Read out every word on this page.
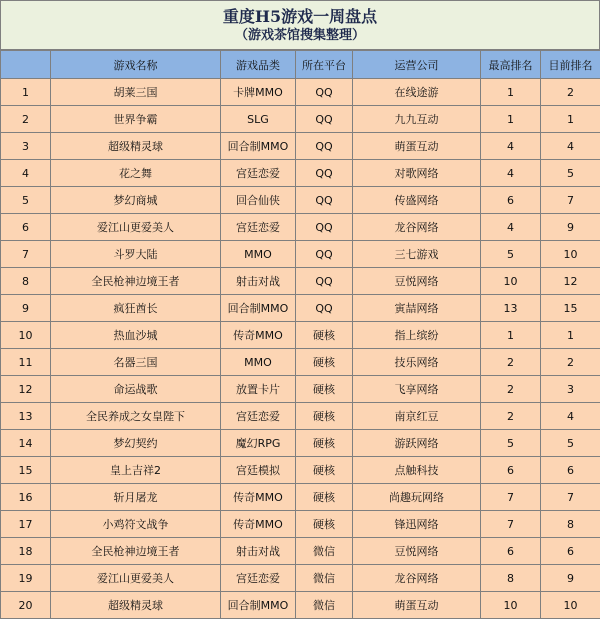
重度H5游戏一周盘点
（游戏茶馆搜集整理）
	游戏名称	游戏品类	所在平台	运营公司	最高排名	目前排名
1	胡莱三国	卡牌MMO	QQ	在线途游	1	2
2	世界争霸	SLG	QQ	九九互动	1	1
3	超级精灵球	回合制MMO	QQ	萌蛋互动	4	4
4	花之舞	宫廷恋爱	QQ	对歌网络	4	5
5	梦幻商城	回合仙侠	QQ	传盛网络	6	7
6	爱江山更爱美人	宫廷恋爱	QQ	龙谷网络	4	9
7	斗罗大陆	MMO	QQ	三七游戏	5	10
8	全民枪神边境王者	射击对战	QQ	豆悦网络	10	12
9	疯狂酋长	回合制MMO	QQ	寅喆网络	13	15
10	热血沙城	传奇MMO	硬核	指上缤纷	1	1
11	名器三国	MMO	硬核	技乐网络	2	2
12	命运战歌	放置卡片	硬核	飞享网络	2	3
13	全民养成之女皇陛下	宫廷恋爱	硬核	南京红豆	2	4
14	梦幻契约	魔幻RPG	硬核	游跃网络	5	5
15	皇上吉祥2	宫廷模拟	硬核	点触科技	6	6
16	斩月屠龙	传奇MMO	硬核	尚趣玩网络	7	7
17	小鸡符文战争	传奇MMO	硬核	锋迅网络	7	8
18	全民枪神边境王者	射击对战	微信	豆悦网络	6	6
19	爱江山更爱美人	宫廷恋爱	微信	龙谷网络	8	9
20	超级精灵球	回合制MMO	微信	萌蛋互动	10	10
